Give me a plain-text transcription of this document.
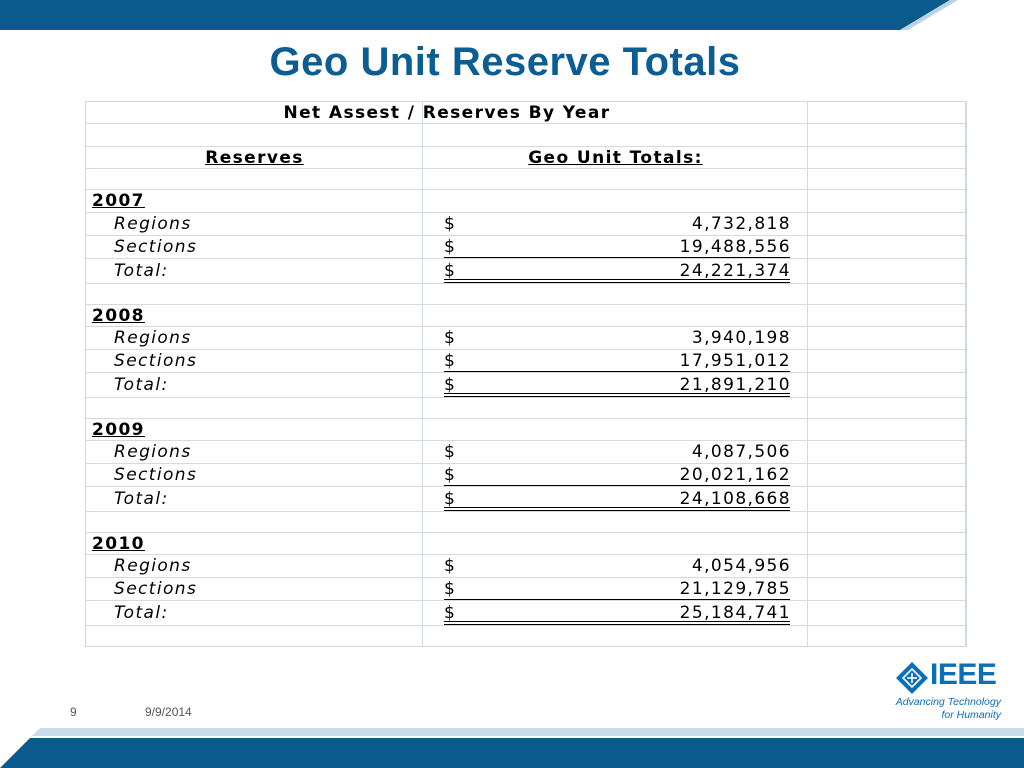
Geo Unit Reserve Totals
Net Assest / Reserves By Year
Reserves	Geo Unit Totals:
2007
Regions	$	4,732,818
Sections	$	19,488,556
Total:	$	24,221,374
2008
Regions	$	3,940,198
Sections	$	17,951,012
Total:	$	21,891,210
2009
Regions	$	4,087,506
Sections	$	20,021,162
Total:	$	24,108,668
2010
Regions	$	4,054,956
Sections	$	21,129,785
Total:	$	25,184,741
IEEE
Advancing Technology
for Humanity
9	9/9/2014
